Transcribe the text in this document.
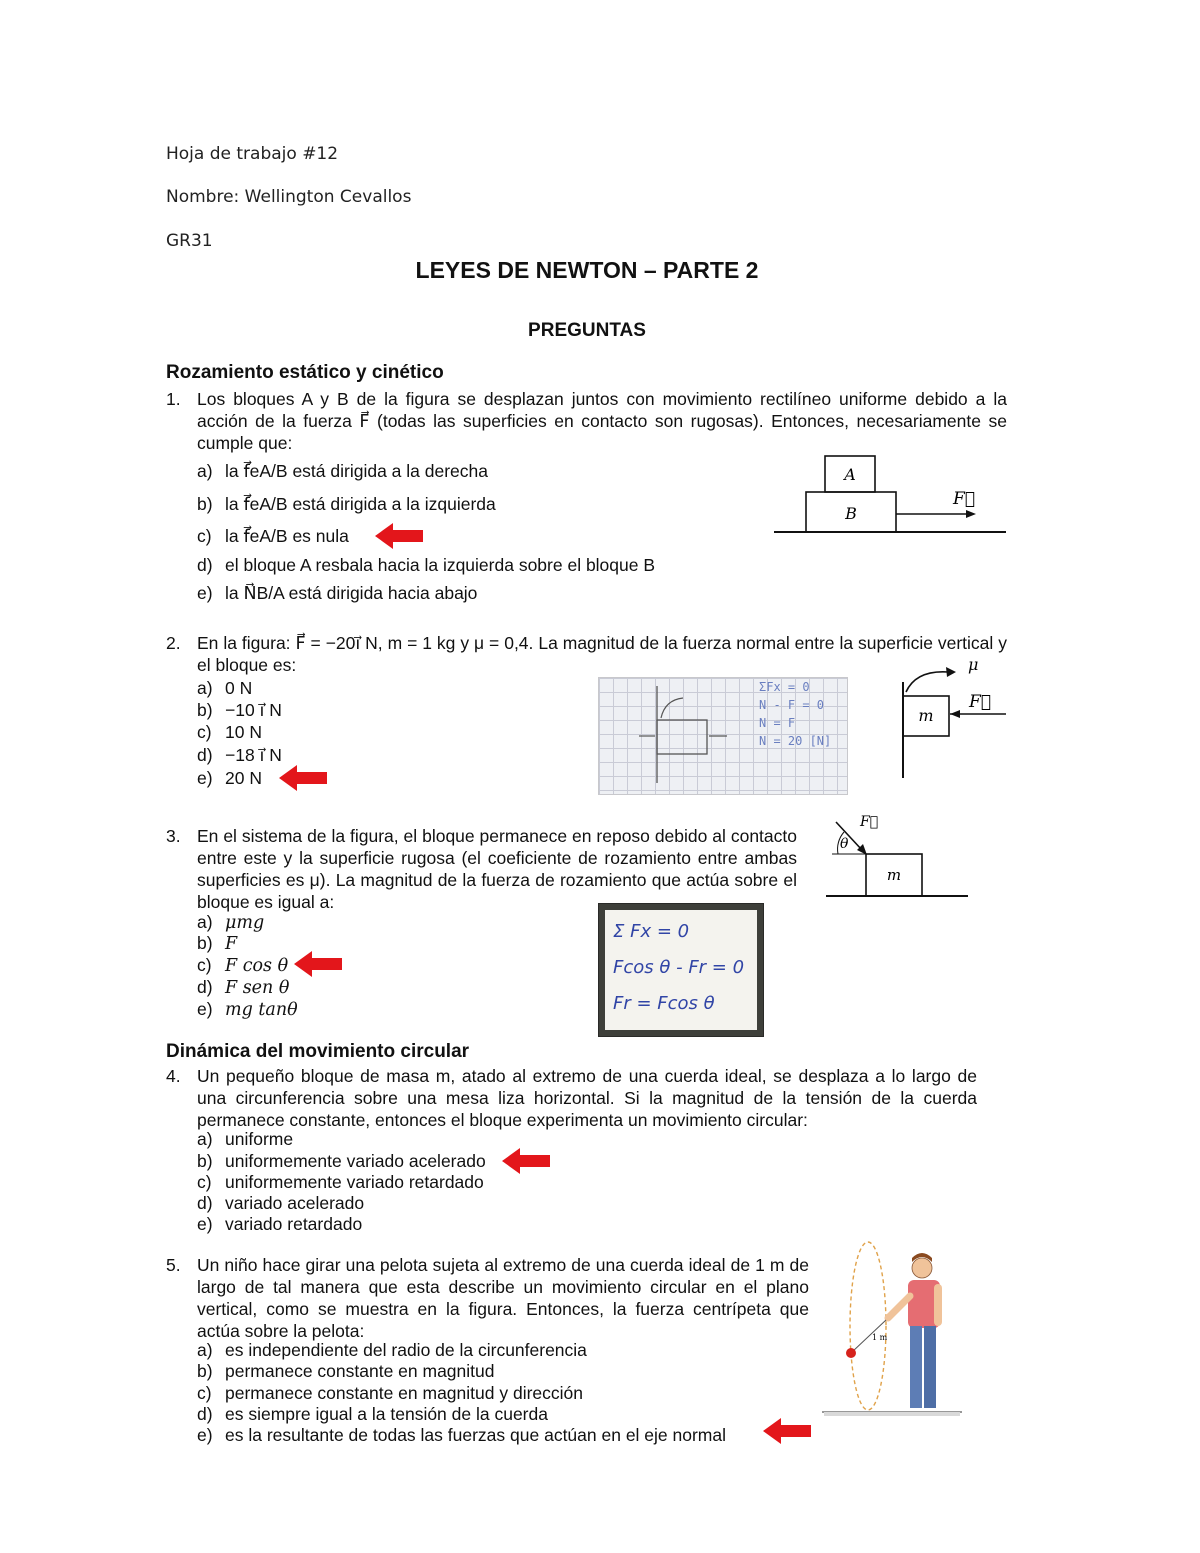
Hoja de trabajo #12
Nombre: Wellington Cevallos
GR31
LEYES DE NEWTON – PARTE 2
PREGUNTAS
Rozamiento estático y cinético
1. Los bloques A y B de la figura se desplazan juntos con movimiento rectilíneo uniforme debido a la acción de la fuerza F⃗ (todas las superficies en contacto son rugosas). Entonces, necesariamente se cumple que:
a) la f⃗eA/B está dirigida a la derecha
b) la f⃗eA/B está dirigida a la izquierda
c) la f⃗eA/B es nula
d) el bloque A resbala hacia la izquierda sobre el bloque B
e) la N⃗B/A está dirigida hacia abajo
A
B
F⃗
2. En la figura: F⃗ = −20i⃗ N, m = 1 kg y μ = 0,4. La magnitud de la fuerza normal entre la superficie vertical y el bloque es:
a) 0 N
b) −10 i⃗ N
c) 10 N
d) −18 i⃗ N
e) 20 N
ΣFx = 0
N - F = 0
N = F
N = 20 [N]
m
F⃗
μ
3. En el sistema de la figura, el bloque permanece en reposo debido al contacto entre este y la superficie rugosa (el coeficiente de rozamiento entre ambas superficies es μ). La magnitud de la fuerza de rozamiento que actúa sobre el bloque es igual a:
a) μmg
b) F
c) F cos θ
d) F sen θ
e) mg tanθ
Σ Fx = 0
Fcos θ - Fr = 0
Fr = Fcos θ
m
F⃗
θ
Dinámica del movimiento circular
4. Un pequeño bloque de masa m, atado al extremo de una cuerda ideal, se desplaza a lo largo de una circunferencia sobre una mesa liza horizontal. Si la magnitud de la tensión de la cuerda permanece constante, entonces el bloque experimenta un movimiento circular:
a) uniforme
b) uniformemente variado acelerado
c) uniformemente variado retardado
d) variado acelerado
e) variado retardado
5. Un niño hace girar una pelota sujeta al extremo de una cuerda ideal de 1 m de largo de tal manera que esta describe un movimiento circular en el plano vertical, como se muestra en la figura. Entonces, la fuerza centrípeta que actúa sobre la pelota:
a) es independiente del radio de la circunferencia
b) permanece constante en magnitud
c) permanece constante en magnitud y dirección
d) es siempre igual a la tensión de la cuerda
e) es la resultante de todas las fuerzas que actúan en el eje normal
1 m
